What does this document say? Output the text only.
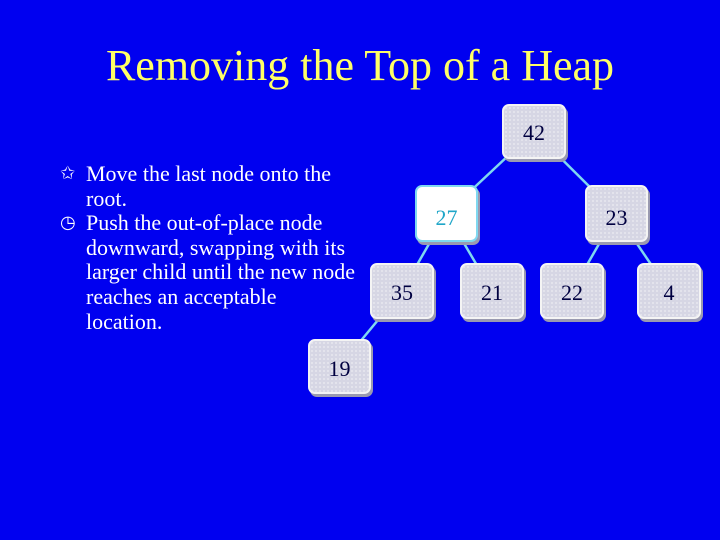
Removing the Top of a Heap
✩ Move the last node onto the root.
◷ Push the out-of-place node downward, swapping with its larger child until the new node reaches an acceptable location.
42
27	23
35	21	22	4
19
